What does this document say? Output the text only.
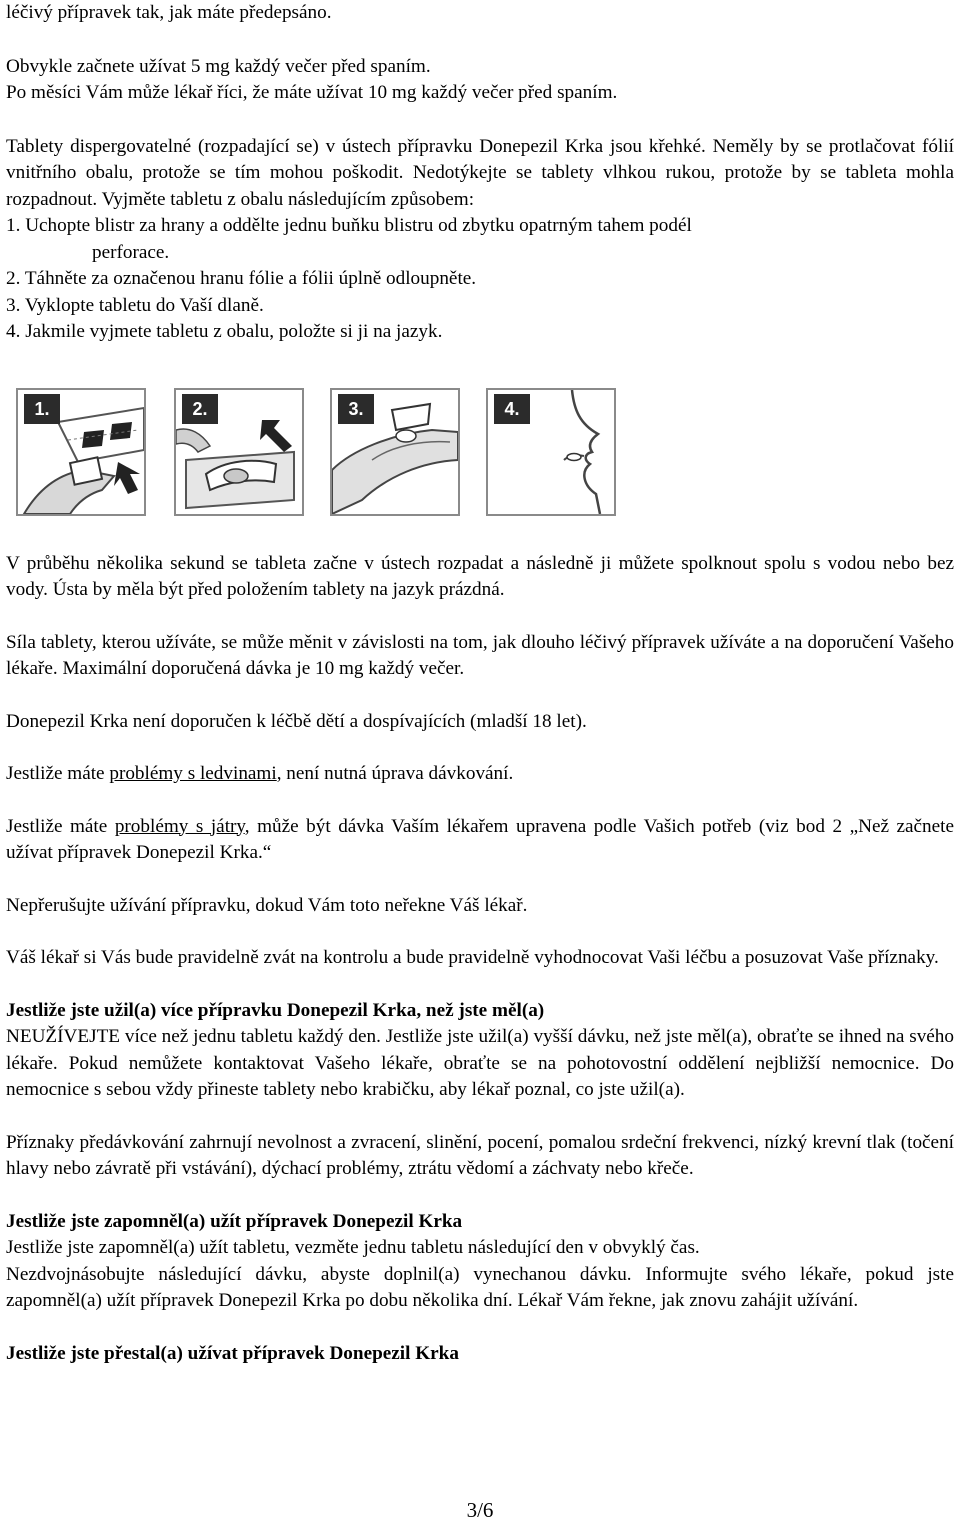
léčivý přípravek tak, jak máte předepsáno.

Obvykle začnete užívat 5 mg každý večer před spaním.

Po měsíci Vám může lékař říci, že máte užívat 10 mg každý večer před spaním.

Tablety dispergovatelné (rozpadající se) v ústech přípravku Donepezil Krka jsou křehké. Neměly by se protlačovat fólií vnitřního obalu, protože se tím mohou poškodit. Nedotýkejte se tablety vlhkou rukou, protože by se tableta mohla rozpadnout. Vyjměte tabletu z obalu následujícím způsobem:

1. Uchopte blistr za hrany a oddělte jednu buňku blistru od zbytku opatrným tahem podél

perforace.

2. Táhněte za označenou hranu fólie a fólii úplně odloupněte.

3. Vyklopte tabletu do Vaší dlaně.

4. Jakmile vyjmete tabletu z obalu, položte si ji na jazyk.

1.	2.	3.	4.

V průběhu několika sekund se tableta začne v ústech rozpadat a následně ji můžete spolknout spolu s vodou nebo bez vody. Ústa by měla být před položením tablety na jazyk prázdná.

Síla tablety, kterou užíváte, se může měnit v závislosti na tom, jak dlouho léčivý přípravek užíváte a na doporučení Vašeho lékaře. Maximální doporučená dávka je 10 mg každý večer.

Donepezil Krka není doporučen k léčbě dětí a dospívajících (mladší 18 let).

Jestliže máte problémy s ledvinami, není nutná úprava dávkování.

Jestliže máte problémy s játry, může být dávka Vaším lékařem upravena podle Vašich potřeb (viz bod 2 „Než začnete užívat přípravek Donepezil Krka.“

Nepřerušujte užívání přípravku, dokud Vám toto neřekne Váš lékař.

Váš lékař si Vás bude pravidelně zvát na kontrolu a bude pravidelně vyhodnocovat Vaši léčbu a posuzovat Vaše příznaky.

Jestliže jste užil(a) více přípravku Donepezil Krka, než jste měl(a)

NEUŽÍVEJTE více než jednu tabletu každý den. Jestliže jste užil(a) vyšší dávku, než jste měl(a), obraťte se ihned na svého lékaře. Pokud nemůžete kontaktovat Vašeho lékaře, obraťte se na pohotovostní oddělení nejbližší nemocnice. Do nemocnice s sebou vždy přineste tablety nebo krabičku, aby lékař poznal, co jste užil(a).

Příznaky předávkování zahrnují nevolnost a zvracení, slinění, pocení, pomalou srdeční frekvenci, nízký krevní tlak (točení hlavy nebo závratě při vstávání), dýchací problémy, ztrátu vědomí a záchvaty nebo křeče.

Jestliže jste zapomněl(a) užít přípravek Donepezil Krka

Jestliže jste zapomněl(a) užít tabletu, vezměte jednu tabletu následující den v obvyklý čas.

Nezdvojnásobujte následující dávku, abyste doplnil(a) vynechanou dávku. Informujte svého lékaře, pokud jste zapomněl(a) užít přípravek Donepezil Krka po dobu několika dní. Lékař Vám řekne, jak znovu zahájit užívání.

Jestliže jste přestal(a) užívat přípravek Donepezil Krka

3/6
